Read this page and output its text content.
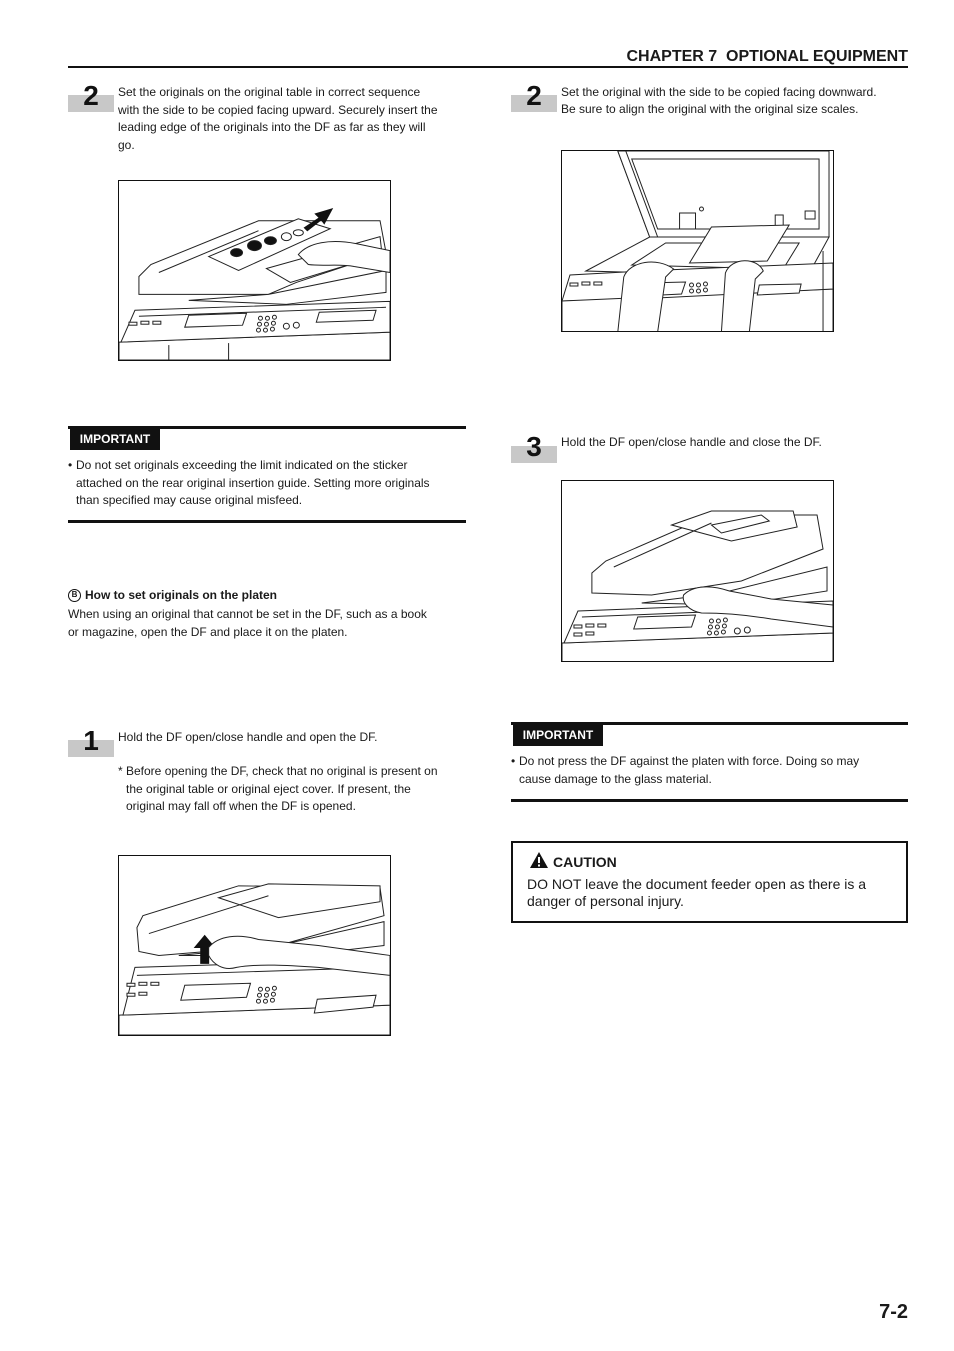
CHAPTER 7  OPTIONAL EQUIPMENT
2	Set the originals on the original table in correct sequence
with the side to be copied facing upward. Securely insert the
leading edge of the originals into the DF as far as they will
go.
IMPORTANT
• Do not set originals exceeding the limit indicated on the sticker
attached on the rear original insertion guide. Setting more originals
than specified may cause original misfeed.
B How to set originals on the platen
When using an original that cannot be set in the DF, such as a book
or magazine, open the DF and place it on the platen.
1	Hold the DF open/close handle and open the DF.
* Before opening the DF, check that no original is present on
the original table or original eject cover. If present, the
original may fall off when the DF is opened.
2	Set the original with the side to be copied facing downward.
Be sure to align the original with the original size scales.
3	Hold the DF open/close handle and close the DF.
IMPORTANT
• Do not press the DF against the platen with force. Doing so may
cause damage to the glass material.
CAUTION
DO NOT leave the document feeder open as there is a
danger of personal injury.
7-2
